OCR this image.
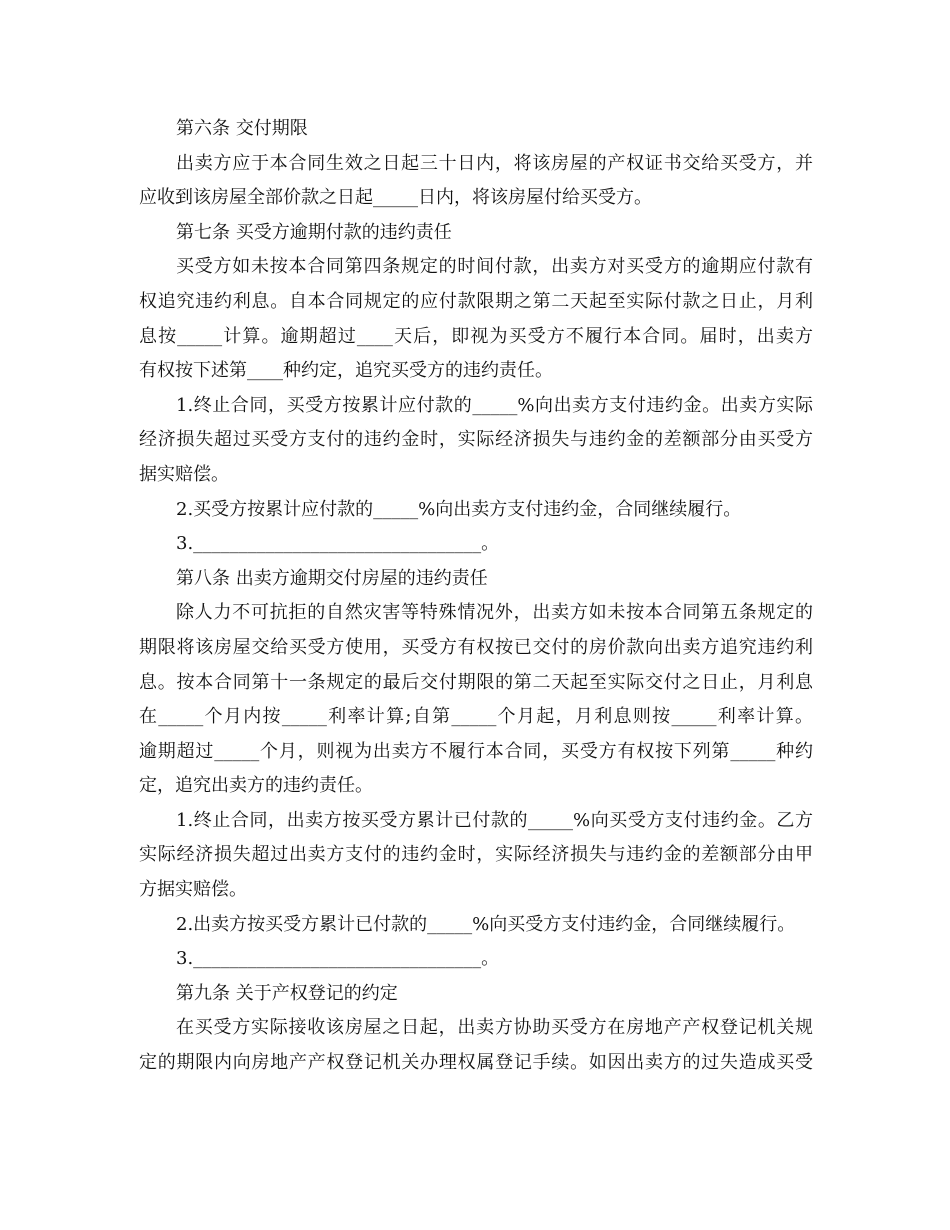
第六条 交付期限
出卖方应于本合同生效之日起三十日内，将该房屋的产权证书交给买受方，并
应收到该房屋全部价款之日起_____日内，将该房屋付给买受方。
第七条 买受方逾期付款的违约责任
买受方如未按本合同第四条规定的时间付款，出卖方对买受方的逾期应付款有
权追究违约利息。自本合同规定的应付款限期之第二天起至实际付款之日止，月利
息按_____计算。逾期超过____天后，即视为买受方不履行本合同。届时，出卖方
有权按下述第____种约定，追究买受方的违约责任。
1.终止合同，买受方按累计应付款的_____%向出卖方支付违约金。出卖方实际
经济损失超过买受方支付的违约金时，实际经济损失与违约金的差额部分由买受方
据实赔偿。
2.买受方按累计应付款的_____%向出卖方支付违约金，合同继续履行。
3.________________________________。
第八条 出卖方逾期交付房屋的违约责任
除人力不可抗拒的自然灾害等特殊情况外，出卖方如未按本合同第五条规定的
期限将该房屋交给买受方使用，买受方有权按已交付的房价款向出卖方追究违约利
息。按本合同第十一条规定的最后交付期限的第二天起至实际交付之日止，月利息
在_____个月内按_____利率计算;自第_____个月起，月利息则按_____利率计算。
逾期超过_____个月，则视为出卖方不履行本合同，买受方有权按下列第_____种约
定，追究出卖方的违约责任。
1.终止合同，出卖方按买受方累计已付款的_____%向买受方支付违约金。乙方
实际经济损失超过出卖方支付的违约金时，实际经济损失与违约金的差额部分由甲
方据实赔偿。
2.出卖方按买受方累计已付款的_____%向买受方支付违约金，合同继续履行。
3.________________________________。
第九条 关于产权登记的约定
在买受方实际接收该房屋之日起，出卖方协助买受方在房地产产权登记机关规
定的期限内向房地产产权登记机关办理权属登记手续。如因出卖方的过失造成买受
